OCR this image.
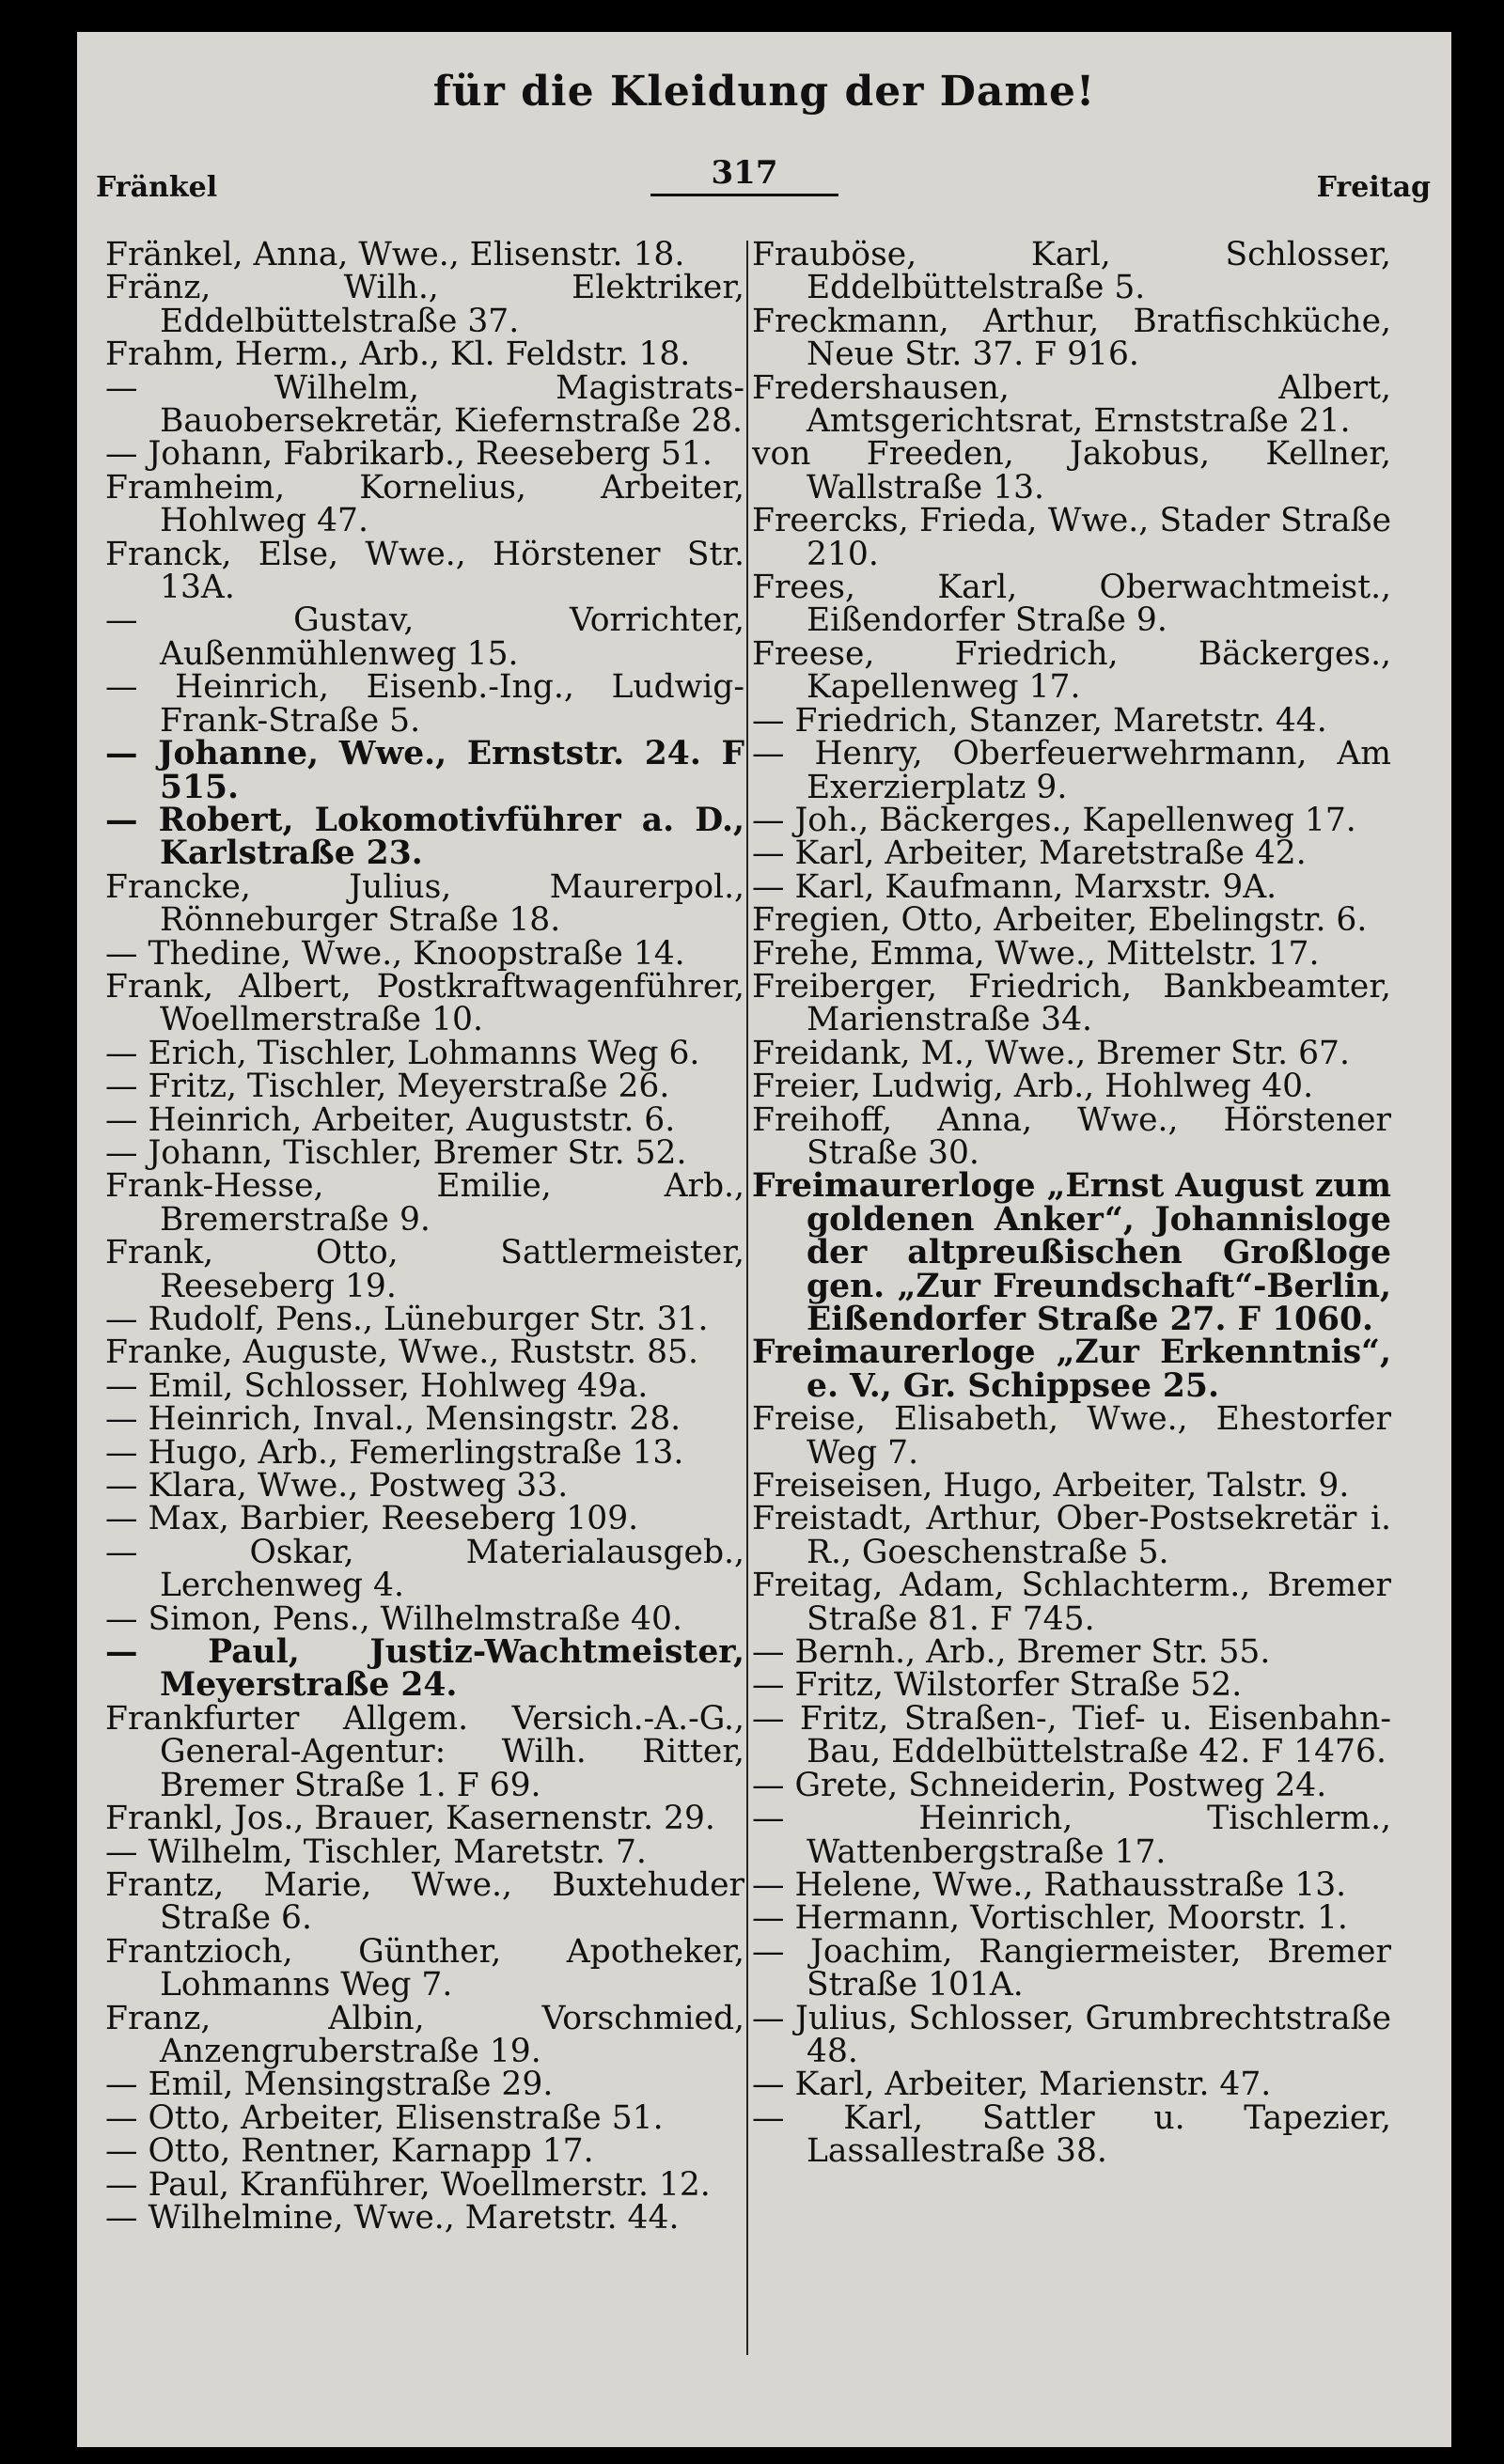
für die Kleidung der Dame!
Fränkel	317	Freitag
Fränkel, Anna, Wwe., Elisenstr. 18.
Fränz, Wilh., Elektriker, Eddelbüttelstraße 37.
Frahm, Herm., Arb., Kl. Feldstr. 18.
— Wilhelm, Magistrats-Bauobersekretär, Kiefernstraße 28.
— Johann, Fabrikarb., Reeseberg 51.
Framheim, Kornelius, Arbeiter, Hohlweg 47.
Franck, Else, Wwe., Hörstener Str. 13A.
— Gustav, Vorrichter, Außenmühlenweg 15.
— Heinrich, Eisenb.-Ing., Ludwig-Frank-Straße 5.
— Johanne, Wwe., Ernststr. 24. F 515.
— Robert, Lokomotivführer a. D., Karlstraße 23.
Francke, Julius, Maurerpol., Rönneburger Straße 18.
— Thedine, Wwe., Knoopstraße 14.
Frank, Albert, Postkraftwagenführer, Woellmerstraße 10.
— Erich, Tischler, Lohmanns Weg 6.
— Fritz, Tischler, Meyerstraße 26.
— Heinrich, Arbeiter, Auguststr. 6.
— Johann, Tischler, Bremer Str. 52.
Frank-Hesse, Emilie, Arb., Bremerstraße 9.
Frank, Otto, Sattlermeister, Reeseberg 19.
— Rudolf, Pens., Lüneburger Str. 31.
Franke, Auguste, Wwe., Ruststr. 85.
— Emil, Schlosser, Hohlweg 49a.
— Heinrich, Inval., Mensingstr. 28.
— Hugo, Arb., Femerlingstraße 13.
— Klara, Wwe., Postweg 33.
— Max, Barbier, Reeseberg 109.
— Oskar, Materialausgeb., Lerchenweg 4.
— Simon, Pens., Wilhelmstraße 40.
— Paul, Justiz-Wachtmeister, Meyerstraße 24.
Frankfurter Allgem. Versich.-A.-G., General-Agentur: Wilh. Ritter, Bremer Straße 1. F 69.
Frankl, Jos., Brauer, Kasernenstr. 29.
— Wilhelm, Tischler, Maretstr. 7.
Frantz, Marie, Wwe., Buxtehuder Straße 6.
Frantzioch, Günther, Apotheker, Lohmanns Weg 7.
Franz, Albin, Vorschmied, Anzengruberstraße 19.
— Emil, Mensingstraße 29.
— Otto, Arbeiter, Elisenstraße 51.
— Otto, Rentner, Karnapp 17.
— Paul, Kranführer, Woellmerstr. 12.
— Wilhelmine, Wwe., Maretstr. 44.
Frauböse, Karl, Schlosser, Eddelbüttelstraße 5.
Freckmann, Arthur, Bratfischküche, Neue Str. 37. F 916.
Fredershausen, Albert, Amtsgerichtsrat, Ernststraße 21.
von Freeden, Jakobus, Kellner, Wallstraße 13.
Freercks, Frieda, Wwe., Stader Straße 210.
Frees, Karl, Oberwachtmeist., Eißendorfer Straße 9.
Freese, Friedrich, Bäckerges., Kapellenweg 17.
— Friedrich, Stanzer, Maretstr. 44.
— Henry, Oberfeuerwehrmann, Am Exerzierplatz 9.
— Joh., Bäckerges., Kapellenweg 17.
— Karl, Arbeiter, Maretstraße 42.
— Karl, Kaufmann, Marxstr. 9A.
Fregien, Otto, Arbeiter, Ebelingstr. 6.
Frehe, Emma, Wwe., Mittelstr. 17.
Freiberger, Friedrich, Bankbeamter, Marienstraße 34.
Freidank, M., Wwe., Bremer Str. 67.
Freier, Ludwig, Arb., Hohlweg 40.
Freihoff, Anna, Wwe., Hörstener Straße 30.
Freimaurerloge „Ernst August zum goldenen Anker“, Johannisloge der altpreußischen Großloge gen. „Zur Freundschaft“-Berlin, Eißendorfer Straße 27. F 1060.
Freimaurerloge „Zur Erkenntnis“, e. V., Gr. Schippsee 25.
Freise, Elisabeth, Wwe., Ehestorfer Weg 7.
Freiseisen, Hugo, Arbeiter, Talstr. 9.
Freistadt, Arthur, Ober-Postsekretär i. R., Goeschenstraße 5.
Freitag, Adam, Schlachterm., Bremer Straße 81. F 745.
— Bernh., Arb., Bremer Str. 55.
— Fritz, Wilstorfer Straße 52.
— Fritz, Straßen-, Tief- u. Eisenbahn-Bau, Eddelbüttelstraße 42. F 1476.
— Grete, Schneiderin, Postweg 24.
— Heinrich, Tischlerm., Wattenbergstraße 17.
— Helene, Wwe., Rathausstraße 13.
— Hermann, Vortischler, Moorstr. 1.
— Joachim, Rangiermeister, Bremer Straße 101A.
— Julius, Schlosser, Grumbrechtstraße 48.
— Karl, Arbeiter, Marienstr. 47.
— Karl, Sattler u. Tapezier, Lassallestraße 38.
